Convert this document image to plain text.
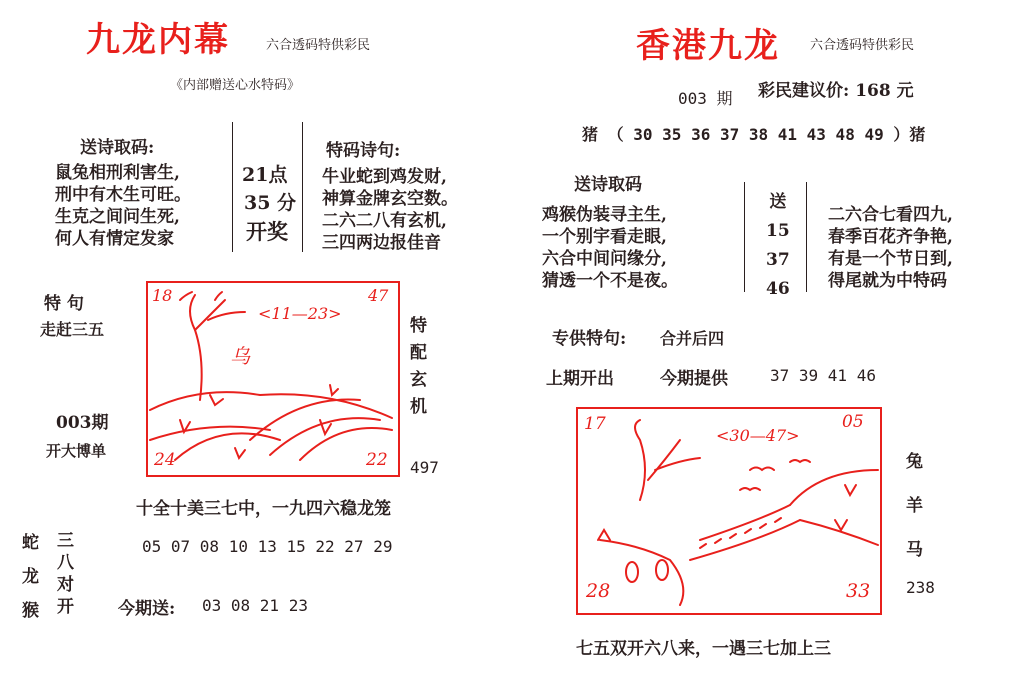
九龙内幕	六合透码特供彩民
《内部赠送心水特码》
送诗取码:
鼠兔相刑利害生,
刑中有木生可旺。
生克之间问生死,
何人有情定发家
21点
35 分
开奖
特码诗句:
牛业蛇到鸡发财,
神算金牌玄空数。
二六二八有玄机,
三四两边报佳音
特 句
走赶三五
003期
开大博单
18	47
24	22
<11—23>
乌
特
配
玄
机
497
十全十美三七中，一九四六稳龙笼
05 07 08 10 13 15 22 27 29
蛇
龙
猴
三
八
对
开	今期送: 03 08 21 23
香港九龙 六合透码特供彩民
003 期 彩民建议价: 168 元
猪 （ 30 35 36 37 38 41 43 48 49 ）猪
送诗取码
鸡猴伪装寻主生,
一个别宇看走眼,
六合中间问缘分,
猜透一个不是夜。
送
15
37
46
二六合七看四九,
春季百花齐争艳,
有是一个节日到,
得尾就为中特码
专供特句: 合并后四
上期开出	今期提供	37 39 41 46
17	05
28	33
<30—47>
兔
羊
马
238
七五双开六八来，一遇三七加上三
